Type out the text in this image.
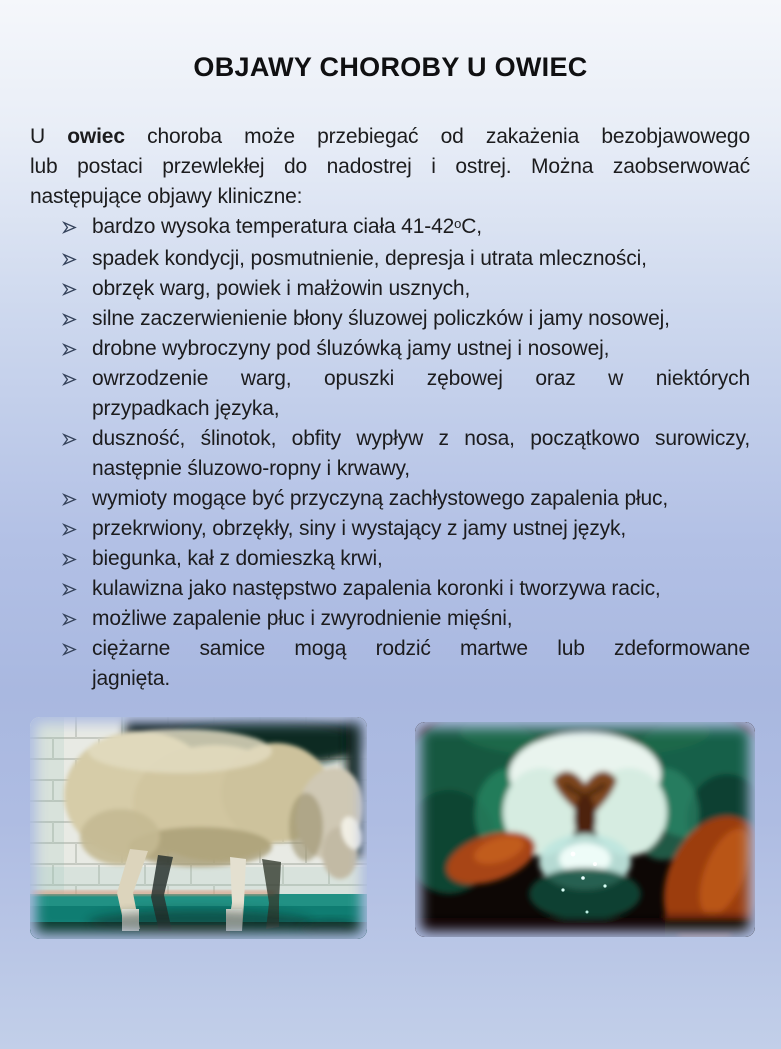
OBJAWY CHOROBY U OWIEC

U owiec choroba może przebiegać od zakażenia bezobjawowego
lub postaci przewlekłej do nadostrej i ostrej. Można zaobserwować
następujące objawy kliniczne:

bardzo wysoka temperatura ciała 41-42$^o$C,
spadek kondycji, posmutnienie, depresja i utrata mleczności,
obrzęk warg, powiek i małżowin usznych,
silne zaczerwienienie błony śluzowej policzków i jamy nosowej,
drobne wybroczyny pod śluzówką jamy ustnej i nosowej,
owrzodzenie warg, opuszki zębowej oraz w niektórych
przypadkach języka,
duszność, ślinotok, obfity wypływ z nosa, początkowo surowiczy,
następnie śluzowo-ropny i krwawy,
wymioty mogące być przyczyną zachłystowego zapalenia płuc,
przekrwiony, obrzękły, siny i wystający z jamy ustnej język,
biegunka, kał z domieszką krwi,
kulawizna jako następstwo zapalenia koronki i tworzywa racic,
możliwe zapalenie płuc i zwyrodnienie mięśni,
ciężarne samice mogą rodzić martwe lub zdeformowane
jagnięta.
